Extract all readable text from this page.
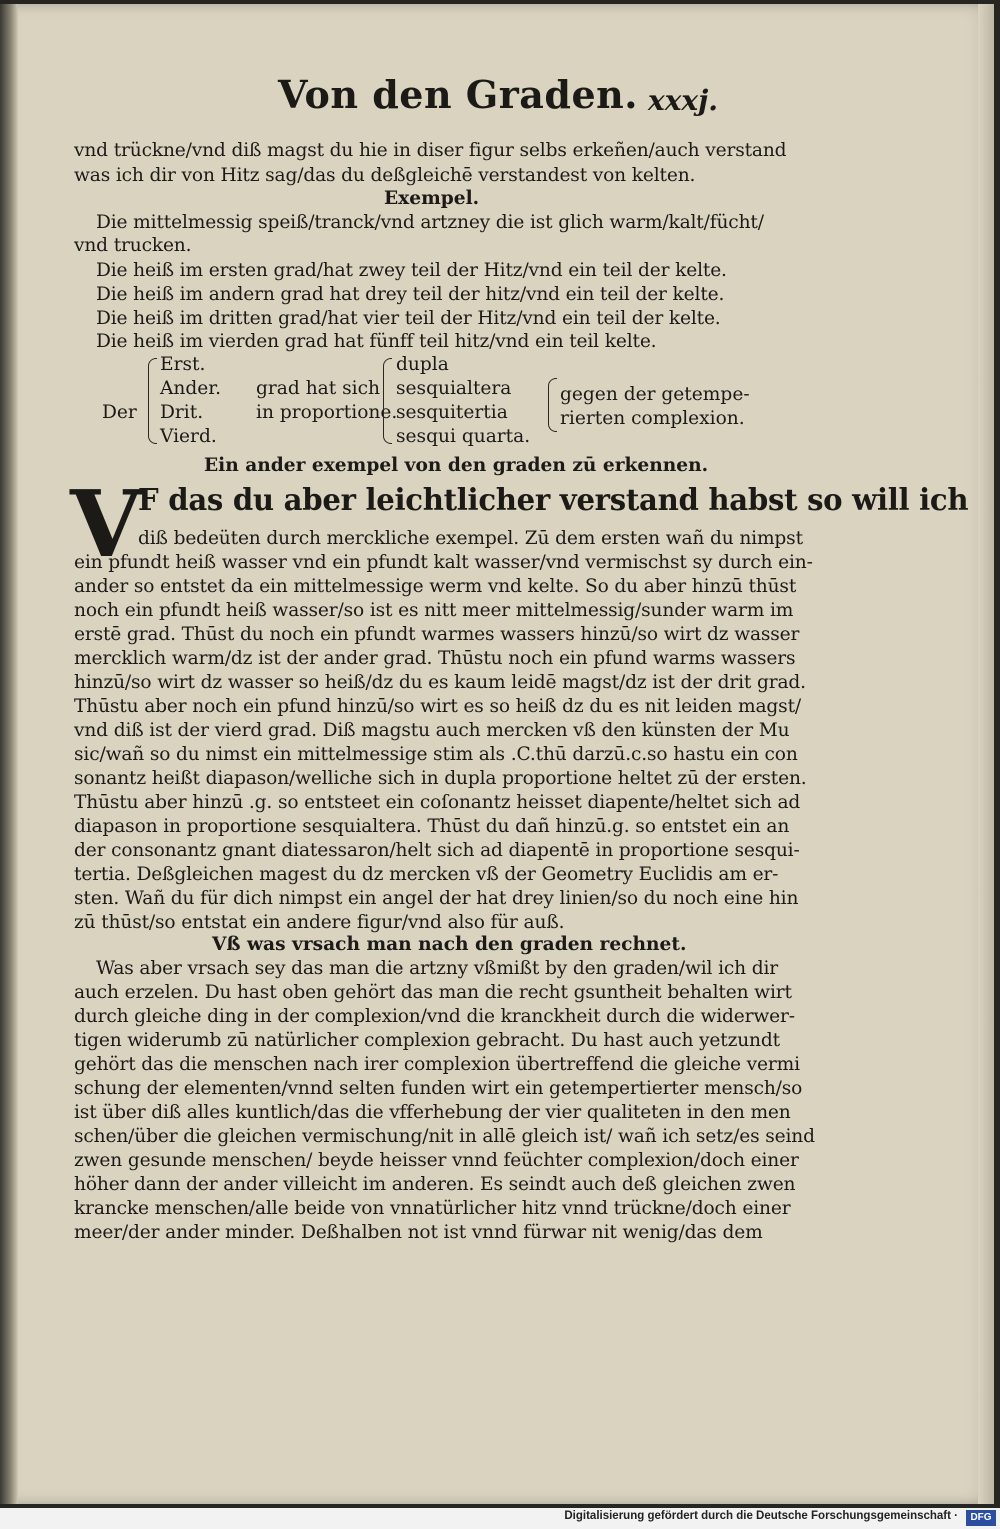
Von den Graden. xxxj.
vnd trückne/vnd diß magst du hie in diser figur selbs erkeñen/auch verstand
was ich dir von Hitz sag/das du deßgleichē verstandest von kelten.
Exempel.
Die mittelmessig speiß/tranck/vnd artzney die ist glich warm/kalt/fücht/
vnd trucken.
Die heiß im ersten grad/hat zwey teil der Hitz/vnd ein teil der kelte.
Die heiß im andern grad hat drey teil der hitz/vnd ein teil der kelte.
Die heiß im dritten grad/hat vier teil der Hitz/vnd ein teil der kelte.
Die heiß im vierden grad hat fünff teil hitz/vnd ein teil kelte.
Der
Erst.
Ander.
Drit.
Vierd.
grad hat sich
in proportione.
dupla
sesquialtera
sesquitertia
sesqui quarta.
gegen der getempe-
rierten complexion.
Ein ander exempel von den graden zū erkennen.
V
F das du aber leichtlicher verstand habst so will ich
diß bedeüten durch merckliche exempel. Zū dem ersten wañ du nimpst
ein pfundt heiß wasser vnd ein pfundt kalt wasser/vnd vermischst sy durch ein-
ander so entstet da ein mittelmessige werm vnd kelte. So du aber hinzū thūst
noch ein pfundt heiß wasser/so ist es nitt meer mittelmessig/sunder warm im
erstē grad. Thūst du noch ein pfundt warmes wassers hinzū/so wirt dz wasser
mercklich warm/dz ist der ander grad. Thūstu noch ein pfund warms wassers
hinzū/so wirt dz wasser so heiß/dz du es kaum leidē magst/dz ist der drit grad.
Thūstu aber noch ein pfund hinzū/so wirt es so heiß dz du es nit leiden magst/
vnd diß ist der vierd grad. Diß magstu auch mercken vß den künsten der Mu
sic/wañ so du nimst ein mittelmessige stim als .C.thū darzū.c.so hastu ein con
sonantz heißt diapason/welliche sich in dupla proportione heltet zū der ersten.
Thūstu aber hinzū .g. so entsteet ein coſonantz heisset diapente/heltet sich ad
diapason in proportione sesquialtera. Thūst du dañ hinzū.g. so entstet ein an
der consonantz gnant diatessaron/helt sich ad diapentē in proportione sesqui-
tertia. Deßgleichen magest du dz mercken vß der Geometry Euclidis am er-
sten. Wañ du für dich nimpst ein angel der hat drey linien/so du noch eine hin
zū thūst/so entstat ein andere figur/vnd also für auß.
Vß was vrsach man nach den graden rechnet.
Was aber vrsach sey das man die artzny vßmißt by den graden/wil ich dir
auch erzelen. Du hast oben gehört das man die recht gsuntheit behalten wirt
durch gleiche ding in der complexion/vnd die kranckheit durch die widerwer-
tigen widerumb zū natürlicher complexion gebracht. Du hast auch yetzundt
gehört das die menschen nach irer complexion übertreffend die gleiche vermi
schung der elementen/vnnd selten funden wirt ein getempertierter mensch/so
ist über diß alles kuntlich/das die vfferhebung der vier qualiteten in den men
schen/über die gleichen vermischung/nit in allē gleich ist/ wañ ich setz/es seind
zwen gesunde menschen/ beyde heisser vnnd feüchter complexion/doch einer
höher dann der ander villeicht im anderen. Es seindt auch deß gleichen zwen
krancke menschen/alle beide von vnnatürlicher hitz vnnd trückne/doch einer
meer/der ander minder. Deßhalben not ist vnnd fürwar nit wenig/das dem
Digitalisierung gefördert durch die Deutsche Forschungsgemeinschaft ·	DFG
